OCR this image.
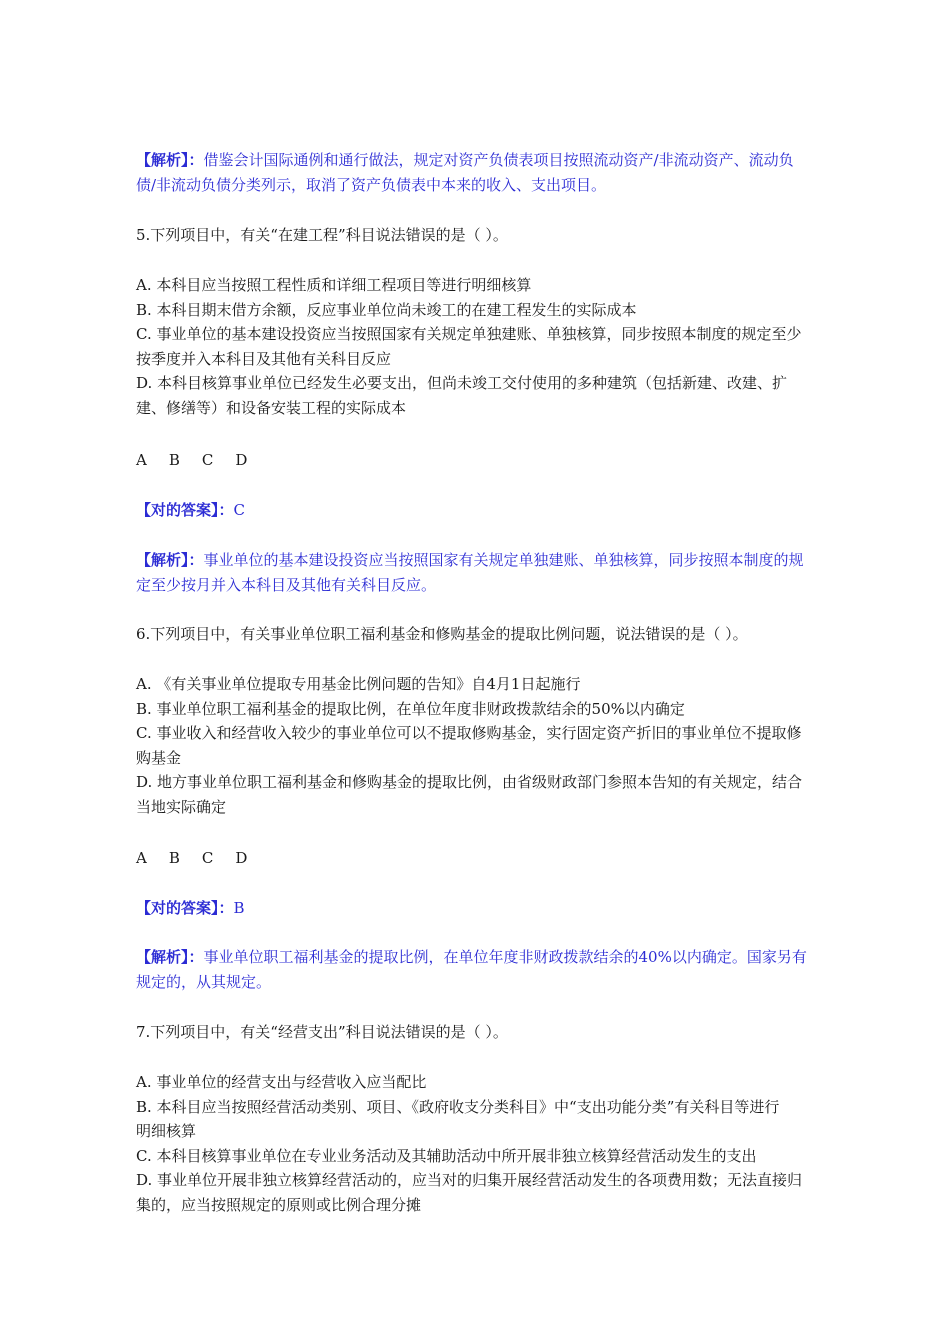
【解析】：借鉴会计国际通例和通行做法，规定对资产负债表项目按照流动资产/非流动资产、流动负
债/非流动负债分类列示，取消了资产负债表中本来的收入、支出项目。
5.下列项目中，有关“在建工程”科目说法错误的是（ ）。
A. 本科目应当按照工程性质和详细工程项目等进行明细核算
B. 本科目期末借方余额，反应事业单位尚未竣工的在建工程发生的实际成本
C. 事业单位的基本建设投资应当按照国家有关规定单独建账、单独核算，同步按照本制度的规定至少
按季度并入本科目及其他有关科目反应
D. 本科目核算事业单位已经发生必要支出，但尚未竣工交付使用的多种建筑（包括新建、改建、扩
建、修缮等）和设备安装工程的实际成本
A B C D
【对的答案】：C
【解析】：事业单位的基本建设投资应当按照国家有关规定单独建账、单独核算，同步按照本制度的规
定至少按月并入本科目及其他有关科目反应。
6.下列项目中，有关事业单位职工福利基金和修购基金的提取比例问题，说法错误的是（ ）。
A. 《有关事业单位提取专用基金比例问题的告知》自4月1日起施行
B. 事业单位职工福利基金的提取比例，在单位年度非财政拨款结余的50%以内确定
C. 事业收入和经营收入较少的事业单位可以不提取修购基金，实行固定资产折旧的事业单位不提取修
购基金
D. 地方事业单位职工福利基金和修购基金的提取比例，由省级财政部门参照本告知的有关规定，结合
当地实际确定
A B C D
【对的答案】：B
【解析】：事业单位职工福利基金的提取比例，在单位年度非财政拨款结余的40%以内确定。国家另有
规定的，从其规定。
7.下列项目中，有关“经营支出”科目说法错误的是（ ）。
A. 事业单位的经营支出与经营收入应当配比
B. 本科目应当按照经营活动类别、项目、《政府收支分类科目》中“支出功能分类”有关科目等进行
明细核算
C. 本科目核算事业单位在专业业务活动及其辅助活动中所开展非独立核算经营活动发生的支出
D. 事业单位开展非独立核算经营活动的，应当对的归集开展经营活动发生的各项费用数；无法直接归
集的，应当按照规定的原则或比例合理分摊
